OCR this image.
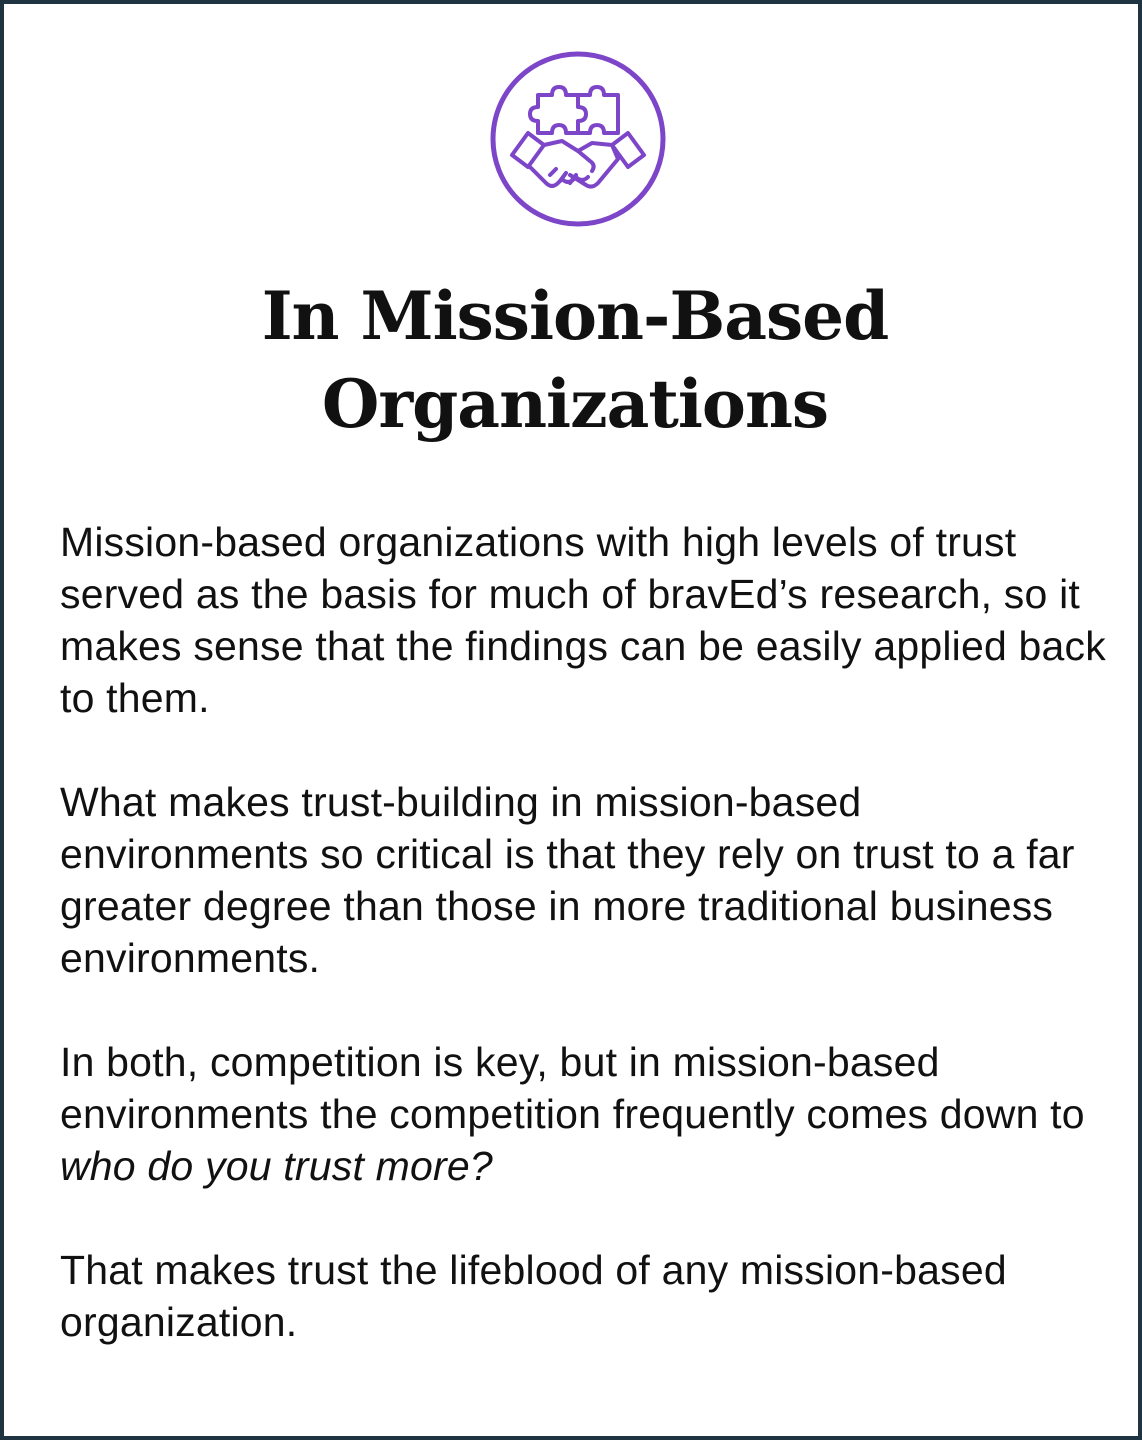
In Mission-Based
Organizations

Mission-based organizations with high levels of trust served as the basis for much of bravEd’s research, so it makes sense that the findings can be easily applied back to them.

What makes trust-building in mission-based environments so critical is that they rely on trust to a far greater degree than those in more traditional business environments.

In both, competition is key, but in mission-based environments the competition frequently comes down to who do you trust more?

That makes trust the lifeblood of any mission-based organization.
